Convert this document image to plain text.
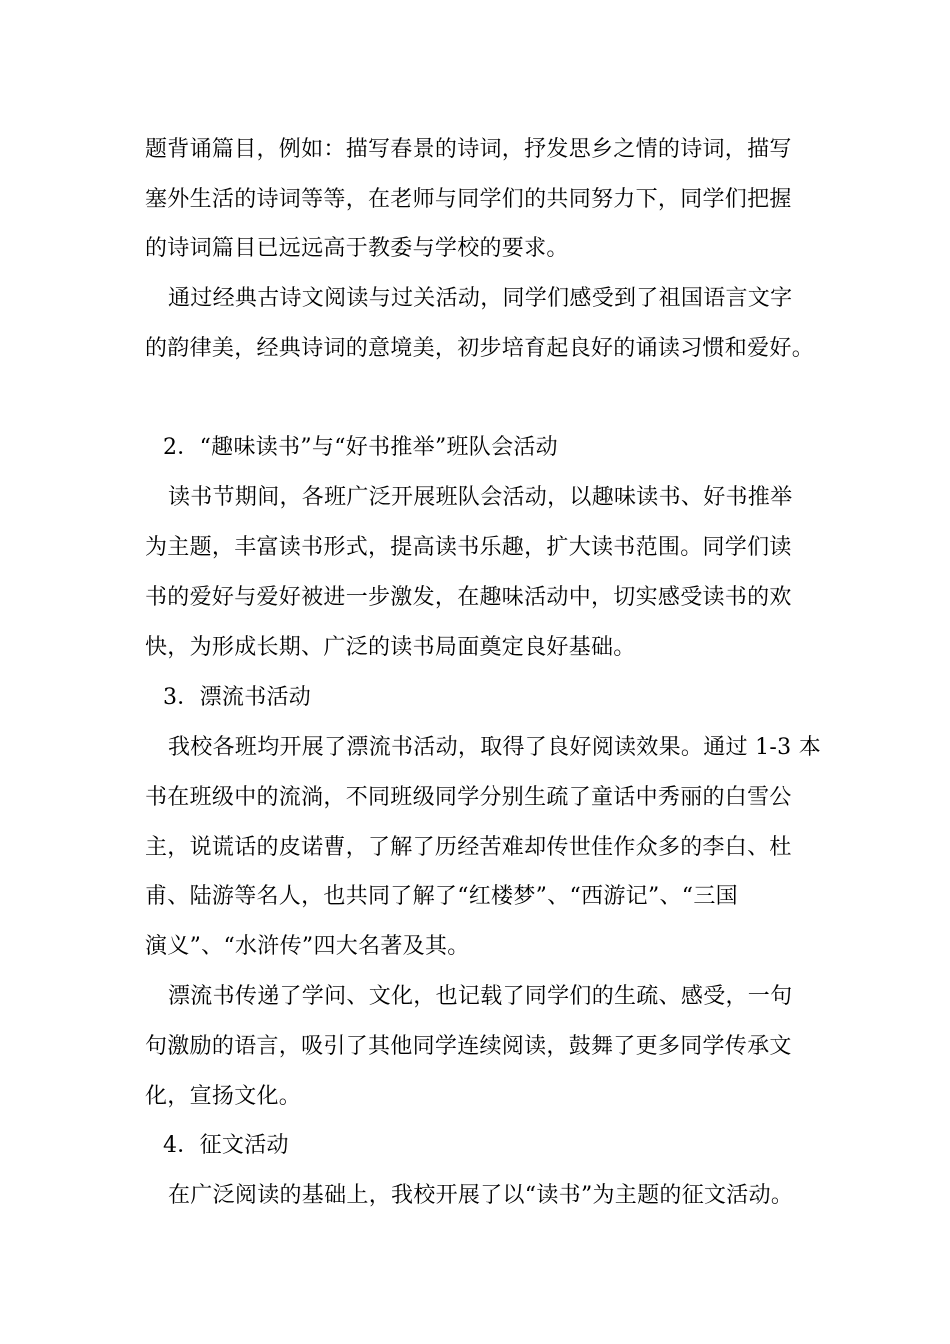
题背诵篇目，例如：描写春景的诗词，抒发思乡之情的诗词，描写
塞外生活的诗词等等，在老师与同学们的共同努力下，同学们把握
的诗词篇目已远远高于教委与学校的要求。
通过经典古诗文阅读与过关活动，同学们感受到了祖国语言文字
的韵律美，经典诗词的意境美，初步培育起良好的诵读习惯和爱好。
2．“趣味读书”与“好书推举”班队会活动
读书节期间，各班广泛开展班队会活动，以趣味读书、好书推举
为主题，丰富读书形式，提高读书乐趣，扩大读书范围。同学们读
书的爱好与爱好被进一步激发，在趣味活动中，切实感受读书的欢
快，为形成长期、广泛的读书局面奠定良好基础。
3．漂流书活动
我校各班均开展了漂流书活动，取得了良好阅读效果。通过 1-3 本
书在班级中的流淌，不同班级同学分别生疏了童话中秀丽的白雪公
主，说谎话的皮诺曹，了解了历经苦难却传世佳作众多的李白、杜
甫、陆游等名人，也共同了解了“红楼梦”、“西游记”、“三国
演义”、“水浒传”四大名著及其。
漂流书传递了学问、文化，也记载了同学们的生疏、感受，一句
句激励的语言，吸引了其他同学连续阅读，鼓舞了更多同学传承文
化，宣扬文化。
4．征文活动
在广泛阅读的基础上，我校开展了以“读书”为主题的征文活动。
